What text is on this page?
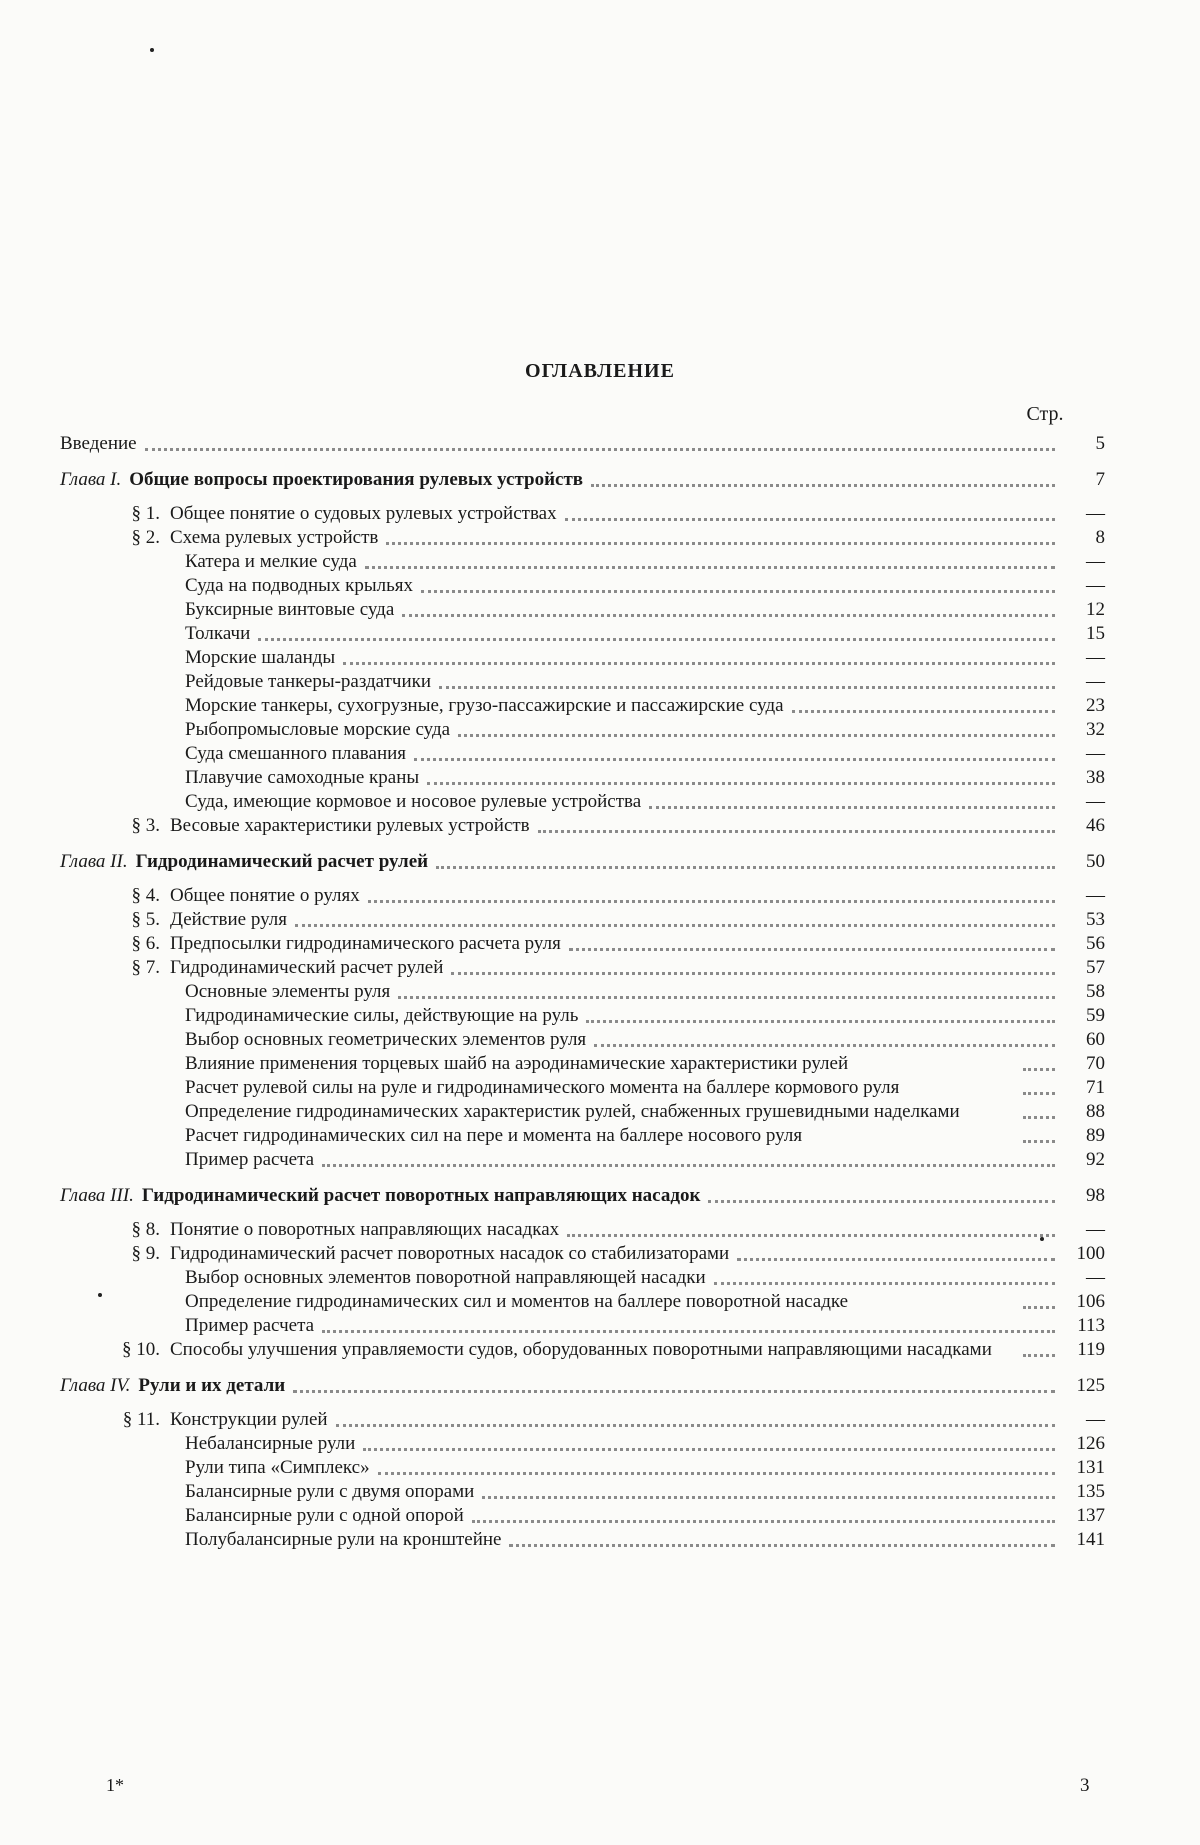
ОГЛАВЛЕНИЕ
Стр.
Введение	5
Глава I. Общие вопросы проектирования рулевых устройств	7
§ 1. Общее понятие о судовых рулевых устройствах	—
§ 2. Схема рулевых устройств	8
Катера и мелкие суда	—
Суда на подводных крыльях	—
Буксирные винтовые суда	12
Толкачи	15
Морские шаланды	—
Рейдовые танкеры-раздатчики	—
Морские танкеры, сухогрузные, грузо-пассажирские и пассажирские суда	23
Рыбопромысловые морские суда	32
Суда смешанного плавания	—
Плавучие самоходные краны	38
Суда, имеющие кормовое и носовое рулевые устройства	—
§ 3. Весовые характеристики рулевых устройств	46
Глава II. Гидродинамический расчет рулей	50
§ 4. Общее понятие о рулях	—
§ 5. Действие руля	53
§ 6. Предпосылки гидродинамического расчета руля	56
§ 7. Гидродинамический расчет рулей	57
Основные элементы руля	58
Гидродинамические силы, действующие на руль	59
Выбор основных геометрических элементов руля	60
Влияние применения торцевых шайб на аэродинамические характеристики рулей	70
Расчет рулевой силы на руле и гидродинамического момента на баллере кормового руля	71
Определение гидродинамических характеристик рулей, снабженных грушевидными наделками	88
Расчет гидродинамических сил на пере и момента на баллере носового руля	89
Пример расчета	92
Глава III. Гидродинамический расчет поворотных направляющих насадок	98
§ 8. Понятие о поворотных направляющих насадках	—
§ 9. Гидродинамический расчет поворотных насадок со стабилизаторами	100
Выбор основных элементов поворотной направляющей насадки	—
Определение гидродинамических сил и моментов на баллере поворотной насадке	106
Пример расчета	113
§ 10. Способы улучшения управляемости судов, оборудованных поворотными направляющими насадками	119
Глава IV. Рули и их детали	125
§ 11. Конструкции рулей	—
Небалансирные рули	126
Рули типа «Симплекс»	131
Балансирные рули с двумя опорами	135
Балансирные рули с одной опорой	137
Полубалансирные рули на кронштейне	141
1*	3
